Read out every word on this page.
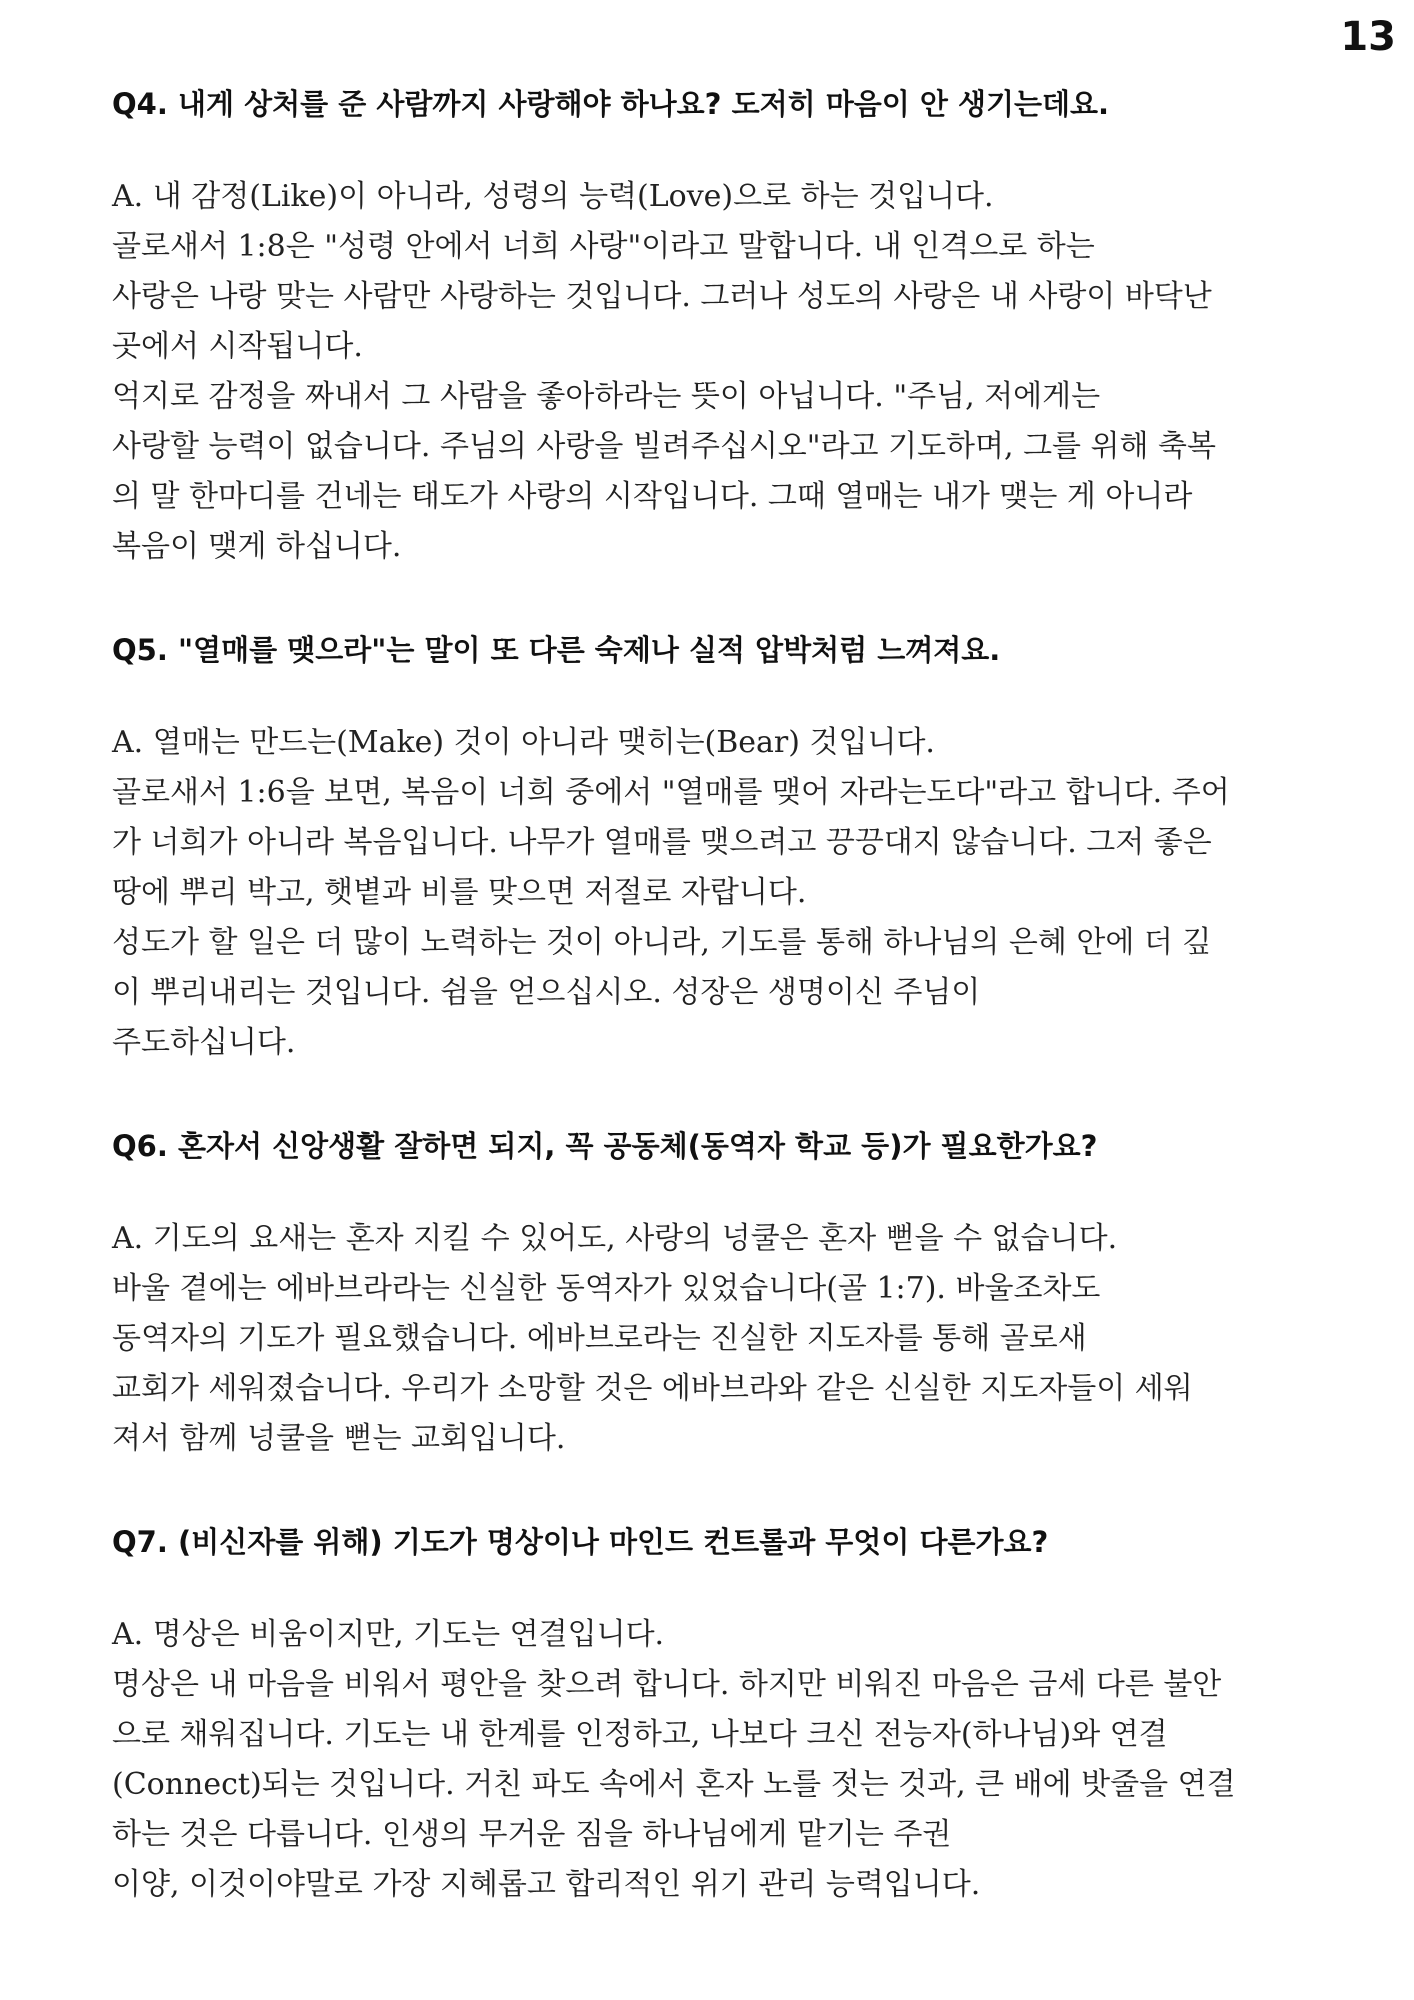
13
Q4. 내게 상처를 준 사람까지 사랑해야 하나요? 도저히 마음이 안 생기는데요.

A. 내 감정(Like)이 아니라, 성령의 능력(Love)으로 하는 것입니다.

골로새서 1:8은 "성령 안에서 너희 사랑"이라고 말합니다. 내 인격으로 하는

사랑은 나랑 맞는 사람만 사랑하는 것입니다. 그러나 성도의 사랑은 내 사랑이 바닥난

곳에서 시작됩니다.

억지로 감정을 짜내서 그 사람을 좋아하라는 뜻이 아닙니다. "주님, 저에게는

사랑할 능력이 없습니다. 주님의 사랑을 빌려주십시오"라고 기도하며, 그를 위해 축복

의 말 한마디를 건네는 태도가 사랑의 시작입니다. 그때 열매는 내가 맺는 게 아니라

복음이 맺게 하십니다.

Q5. "열매를 맺으라"는 말이 또 다른 숙제나 실적 압박처럼 느껴져요.

A. 열매는 만드는(Make) 것이 아니라 맺히는(Bear) 것입니다.

골로새서 1:6을 보면, 복음이 너희 중에서 "열매를 맺어 자라는도다"라고 합니다. 주어

가 너희가 아니라 복음입니다. 나무가 열매를 맺으려고 끙끙대지 않습니다. 그저 좋은

땅에 뿌리 박고, 햇볕과 비를 맞으면 저절로 자랍니다.

성도가 할 일은 더 많이 노력하는 것이 아니라, 기도를 통해 하나님의 은혜 안에 더 깊

이 뿌리내리는 것입니다. 쉼을 얻으십시오. 성장은 생명이신 주님이

주도하십니다.

Q6. 혼자서 신앙생활 잘하면 되지, 꼭 공동체(동역자 학교 등)가 필요한가요?

A. 기도의 요새는 혼자 지킬 수 있어도, 사랑의 넝쿨은 혼자 뻗을 수 없습니다.

바울 곁에는 에바브라라는 신실한 동역자가 있었습니다(골 1:7). 바울조차도

동역자의 기도가 필요했습니다. 에바브로라는 진실한 지도자를 통해 골로새

교회가 세워졌습니다. 우리가 소망할 것은 에바브라와 같은 신실한 지도자들이 세워

져서 함께 넝쿨을 뻗는 교회입니다.

Q7. (비신자를 위해) 기도가 명상이나 마인드 컨트롤과 무엇이 다른가요?

A. 명상은 비움이지만, 기도는 연결입니다.

명상은 내 마음을 비워서 평안을 찾으려 합니다. 하지만 비워진 마음은 금세 다른 불안

으로 채워집니다. 기도는 내 한계를 인정하고, 나보다 크신 전능자(하나님)와 연결

(Connect)되는 것입니다. 거친 파도 속에서 혼자 노를 젓는 것과, 큰 배에 밧줄을 연결

하는 것은 다릅니다. 인생의 무거운 짐을 하나님에게 맡기는 주권

이양, 이것이야말로 가장 지혜롭고 합리적인 위기 관리 능력입니다.
